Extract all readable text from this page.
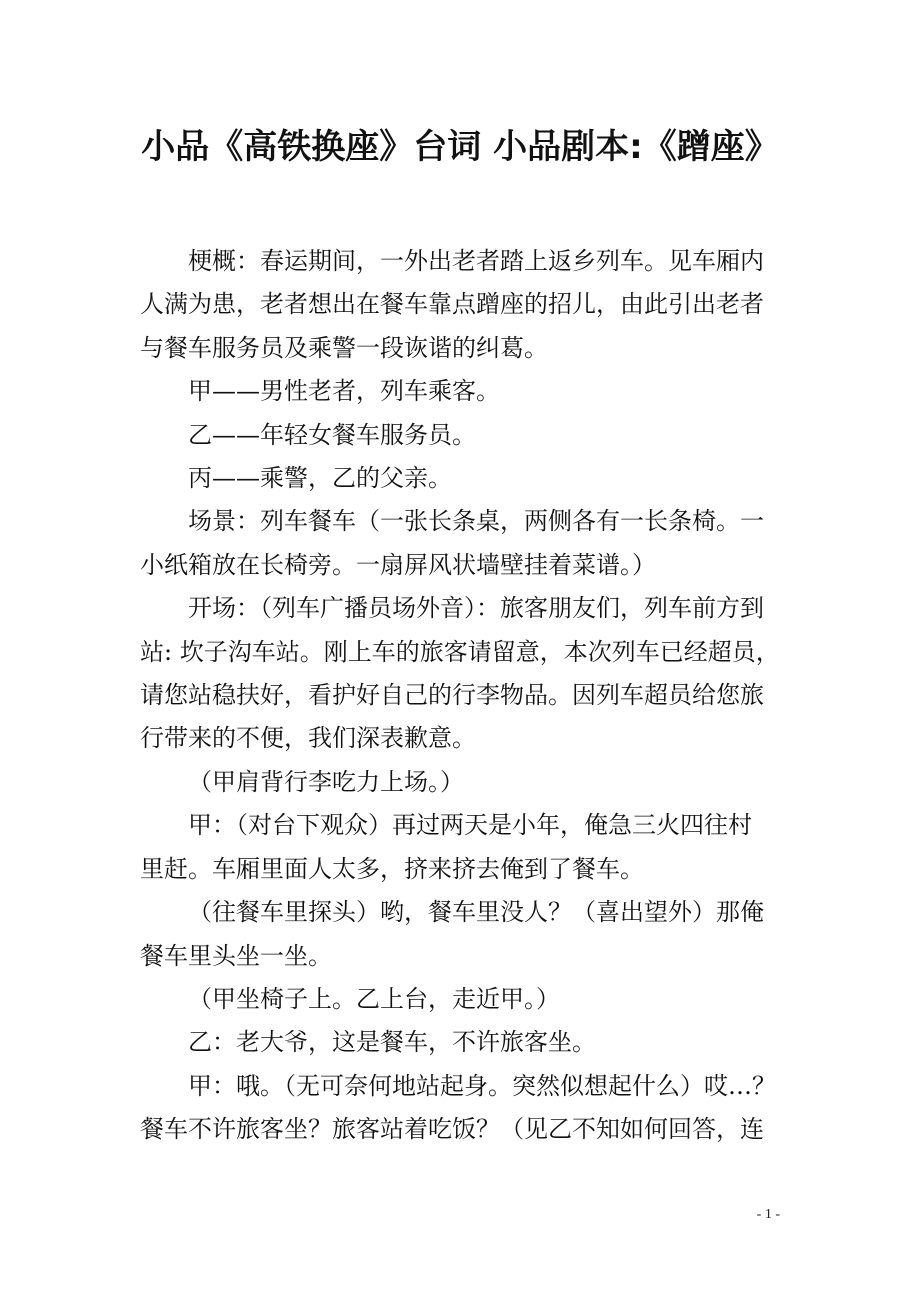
小品《高铁换座》台词 小品剧本:《蹭座》
梗概：春运期间，一外出老者踏上返乡列车。见车厢内
人满为患，老者想出在餐车靠点蹭座的招儿，由此引出老者
与餐车服务员及乘警一段诙谐的纠葛。
甲——男性老者，列车乘客。
乙——年轻女餐车服务员。
丙——乘警，乙的父亲。
场景：列车餐车（一张长条桌，两侧各有一长条椅。一
小纸箱放在长椅旁。一扇屏风状墙壁挂着菜谱。）
开场：（列车广播员场外音）：旅客朋友们，列车前方到
站: 坎子沟车站。刚上车的旅客请留意，本次列车已经超员，
请您站稳扶好，看护好自己的行李物品。因列车超员给您旅
行带来的不便，我们深表歉意。
（甲肩背行李吃力上场。）
甲：（对台下观众）再过两天是小年，俺急三火四往村
里赶。车厢里面人太多，挤来挤去俺到了餐车。
（往餐车里探头）哟，餐车里没人？（喜出望外）那俺
餐车里头坐一坐。
（甲坐椅子上。乙上台，走近甲。）
乙：老大爷，这是餐车，不许旅客坐。
甲：哦。（无可奈何地站起身。突然似想起什么）哎…？
餐车不许旅客坐？旅客站着吃饭？（见乙不知如何回答，连
- 1 -
